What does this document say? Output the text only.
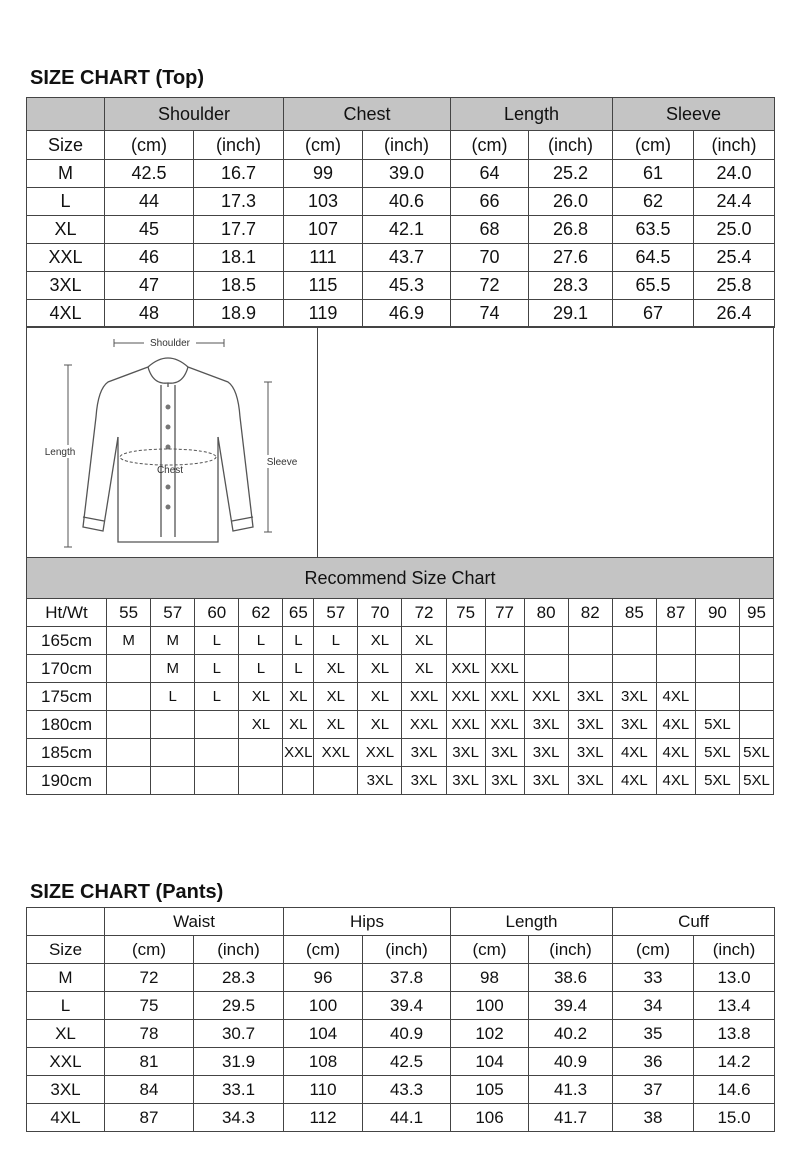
SIZE CHART (Top)
	Shoulder		Chest		Length		Sleeve	
Size	(cm)	(inch)	(cm)	(inch)	(cm)	(inch)	(cm)	(inch)
M	42.5	16.7	99	39.0	64	25.2	61	24.0
L	44	17.3	103	40.6	66	26.0	62	24.4
XL	45	17.7	107	42.1	68	26.8	63.5	25.0
XXL	46	18.1	111	43.7	70	27.6	64.5	25.4
3XL	47	18.5	115	45.3	72	28.3	65.5	25.8
4XL	48	18.9	119	46.9	74	29.1	67	26.4
Shoulder
Length
Chest
Sleeve
Recommend Size Chart																
Ht/Wt	55	57	60	62	65	57	70	72	75	77	80	82	85	87	90	95
165cm	M	M	L	L	L	L	XL	XL								
170cm		M	L	L	L	XL	XL	XL	XXL	XXL						
175cm		L	L	XL	XL	XL	XL	XXL	XXL	XXL	XXL	3XL	3XL	4XL		
180cm				XL	XL	XL	XL	XXL	XXL	XXL	3XL	3XL	3XL	4XL	5XL	
185cm					XXL	XXL	XXL	3XL	3XL	3XL	3XL	3XL	4XL	4XL	5XL	5XL
190cm							3XL	3XL	3XL	3XL	3XL	3XL	4XL	4XL	5XL	5XL
SIZE CHART (Pants)
	Waist		Hips		Length		Cuff	
Size	(cm)	(inch)	(cm)	(inch)	(cm)	(inch)	(cm)	(inch)
M	72	28.3	96	37.8	98	38.6	33	13.0
L	75	29.5	100	39.4	100	39.4	34	13.4
XL	78	30.7	104	40.9	102	40.2	35	13.8
XXL	81	31.9	108	42.5	104	40.9	36	14.2
3XL	84	33.1	110	43.3	105	41.3	37	14.6
4XL	87	34.3	112	44.1	106	41.7	38	15.0
